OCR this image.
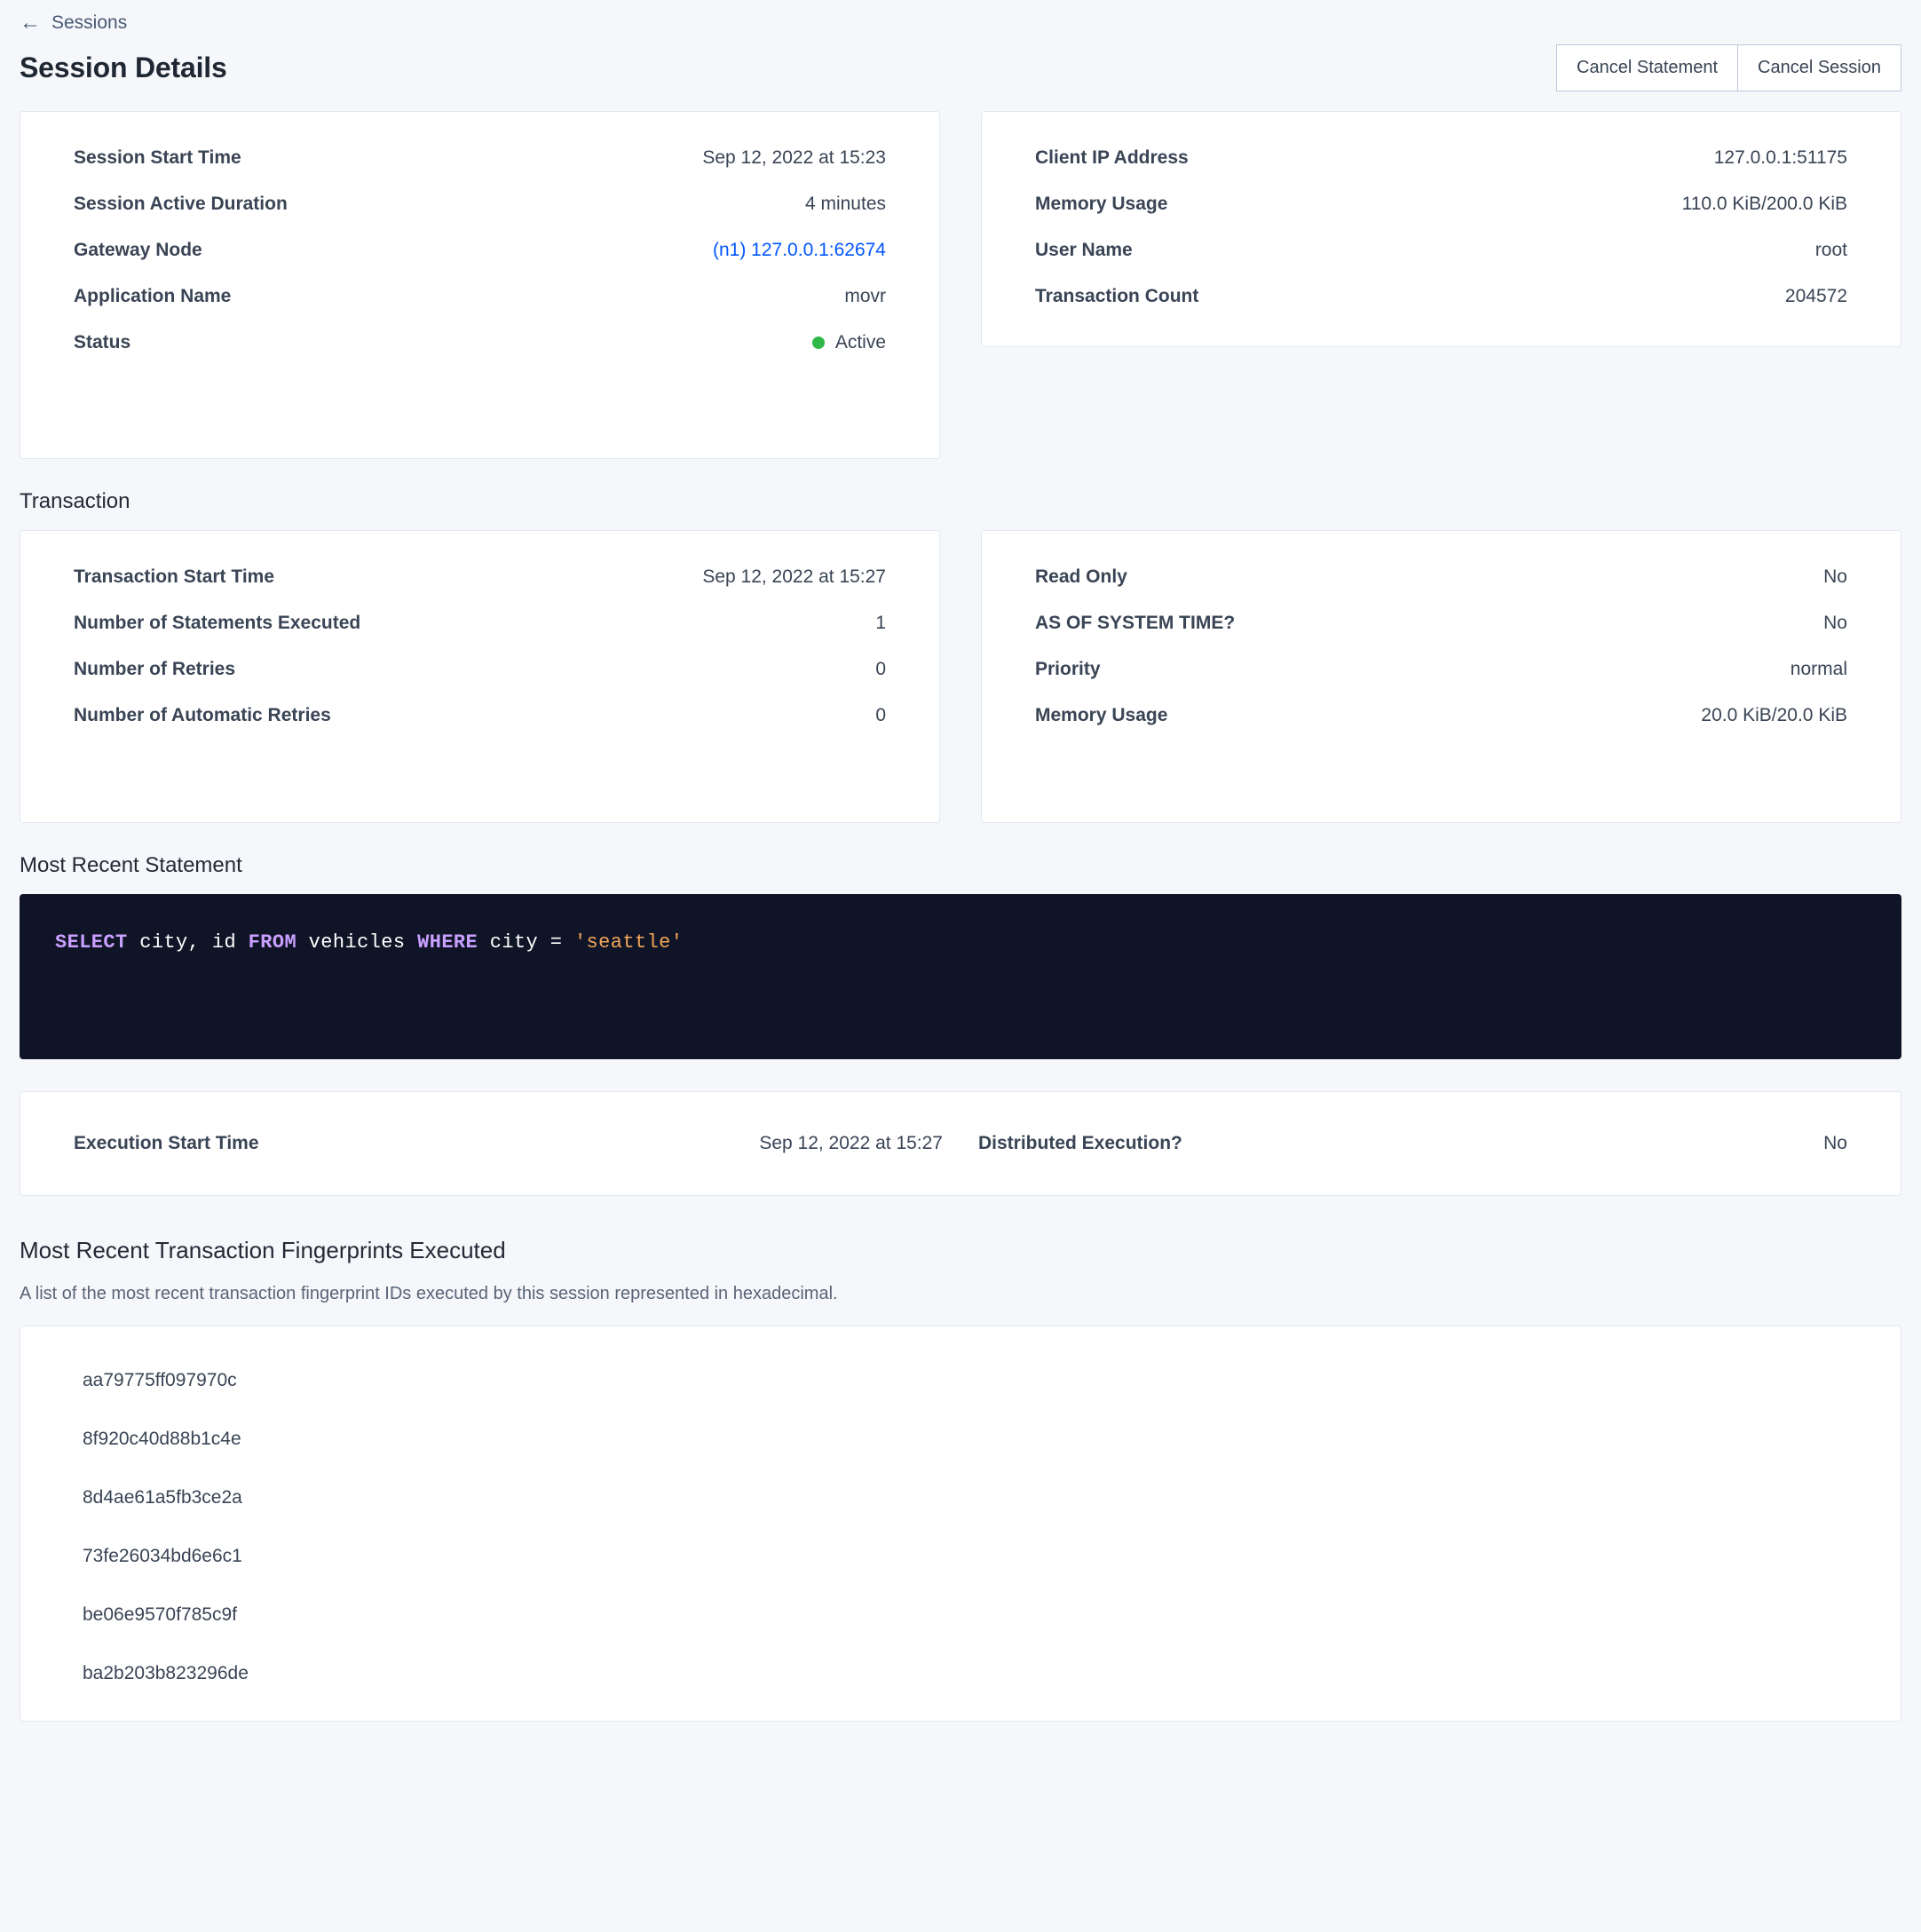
← Sessions
Session Details	Cancel Statement	Cancel Session
Session Start Time	Sep 12, 2022 at 15:23
Session Active Duration	4 minutes
Gateway Node	(n1) 127.0.0.1:62674
Application Name	movr
Status	Active
Client IP Address	127.0.0.1:51175
Memory Usage	110.0 KiB/200.0 KiB
User Name	root
Transaction Count	204572
Transaction
Transaction Start Time	Sep 12, 2022 at 15:27
Number of Statements Executed	1
Number of Retries	0
Number of Automatic Retries	0
Read Only	No
AS OF SYSTEM TIME?	No
Priority	normal
Memory Usage	20.0 KiB/20.0 KiB
Most Recent Statement
SELECT city, id FROM vehicles WHERE city = 'seattle'
Execution Start Time	Sep 12, 2022 at 15:27 Distributed Execution?	No
Most Recent Transaction Fingerprints Executed
A list of the most recent transaction fingerprint IDs executed by this session represented in hexadecimal.
aa79775ff097970c
8f920c40d88b1c4e
8d4ae61a5fb3ce2a
73fe26034bd6e6c1
be06e9570f785c9f
ba2b203b823296de
